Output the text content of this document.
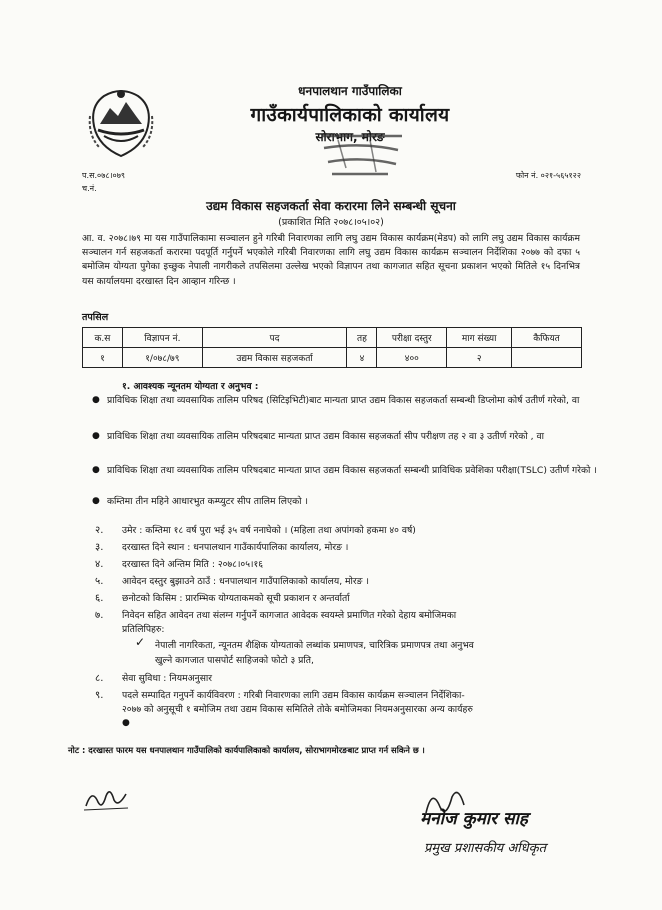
धनपालथान गाउँपालिका
गाउँकार्यपालिकाको कार्यालय
सोराभाग, मोरङ
प.स.०७८।०७९
च.नं.
फोन नं. ०२१-५६५१२२
उद्यम विकास सहजकर्ता सेवा करारमा लिने सम्बन्धी सूचना
(प्रकाशित मिति २०७८।०५।०२)
आ. व. २०७८।७९ मा यस गाउँपालिकामा सञ्चालन हुने गरिबी निवारणका लागि लघु उद्यम विकास कार्यक्रम(मेडप) को लागि लघु उद्यम विकास कार्यक्रम सञ्चालन गर्न सहजकर्ता करारमा पदपूर्ति गर्नुपर्ने भएकोले गरिबी निवारणका लागि लघु उद्यम विकास कार्यक्रम सञ्चालन निर्देशिका २०७७ को दफा ५ बमोजिम योग्यता पुगेका इच्छुक नेपाली नागरीकले तपसिलमा उल्लेख भएको विज्ञापन तथा कागजात सहित सूचना प्रकाशन भएको मितिले १५ दिनभित्र यस कार्यालयमा दरखास्त दिन आव्हान गरिन्छ ।
तपसिल
क.स	विज्ञापन नं.	पद	तह	परीक्षा दस्तुर	माग संख्या	कैफियत
१	१/०७८/७९	उद्यम विकास सहजकर्ता	४	४००	२	
१. आवश्यक न्यूनतम योग्यता र अनुभव :
● प्राविधिक शिक्षा तथा व्यवसायिक तालिम परिषद (सिटिइभिटी)बाट मान्यता प्राप्त उद्यम विकास सहजकर्ता सम्बन्धी डिप्लोमा कोर्ष उतीर्ण गरेको, वा
● प्राविधिक शिक्षा तथा व्यवसायिक तालिम परिषदबाट मान्यता प्राप्त उद्यम विकास सहजकर्ता सीप परीक्षण तह २ वा ३ उतीर्ण गरेको , वा
● प्राविधिक शिक्षा तथा व्यवसायिक तालिम परिषदबाट मान्यता प्राप्त उद्यम विकास सहजकर्ता सम्बन्धी प्राविधिक प्रवेशिका परीक्षा(TSLC) उतीर्ण गरेको ।
● कम्तिमा तीन महिने आधारभुत कम्प्युटर सीप तालिम लिएको ।
२. उमेर : कम्तिमा १८ वर्ष पुरा भई ३५ वर्ष ननाघेको । (महिला तथा अपांगको हकमा ४० वर्ष)
३. दरखास्त दिने स्थान : धनपालथान गाउँकार्यपालिका कार्यालय, मोरङ ।
४. दरखास्त दिने अन्तिम मिति : २०७८।०५।१६
५. आवेदन दस्तुर बुझाउने ठाउँ : धनपालथान गाउँपालिकाको कार्यालय, मोरङ ।
६. छनोटको किसिम : प्रारम्भिक योग्यताकमको सूची प्रकाशन र अन्तर्वार्ता
७. निवेदन सहित आवेदन तथा संलग्न गर्नुपर्ने कागजात आवेदक स्वयम्ले प्रमाणित गरेको देहाय बमोजिमका
प्रतिलिपिहरु:
✓ नेपाली नागरिकता, न्यूनतम शैक्षिक योग्यताको लब्धांक प्रमाणपत्र, चारित्रिक प्रमाणपत्र तथा अनुभव
खुल्ने कागजात पासपोर्ट साहिजको फोटो ३ प्रति,
८. सेवा सुविधा : नियमअनुसार
९. पदले सम्पादित गनुपर्ने कार्यविवरण : गरिबी निवारणका लागि उद्यम विकास कार्यक्रम सञ्चालन निर्देशिका-
२०७७ को अनुसूची १ बमोजिम तथा उद्यम विकास समितिले तोके बमोजिमका नियमअनुसारका अन्य कार्यहरु
●
नोट : दरखास्त फारम यस धनपालथान गाउँपालिको कार्यपालिकाको कार्यालय, सोराभागमोरङबाट प्राप्त गर्न सकिने छ ।
मनोज कुमार साह
प्रमुख प्रशासकीय अधिकृत
